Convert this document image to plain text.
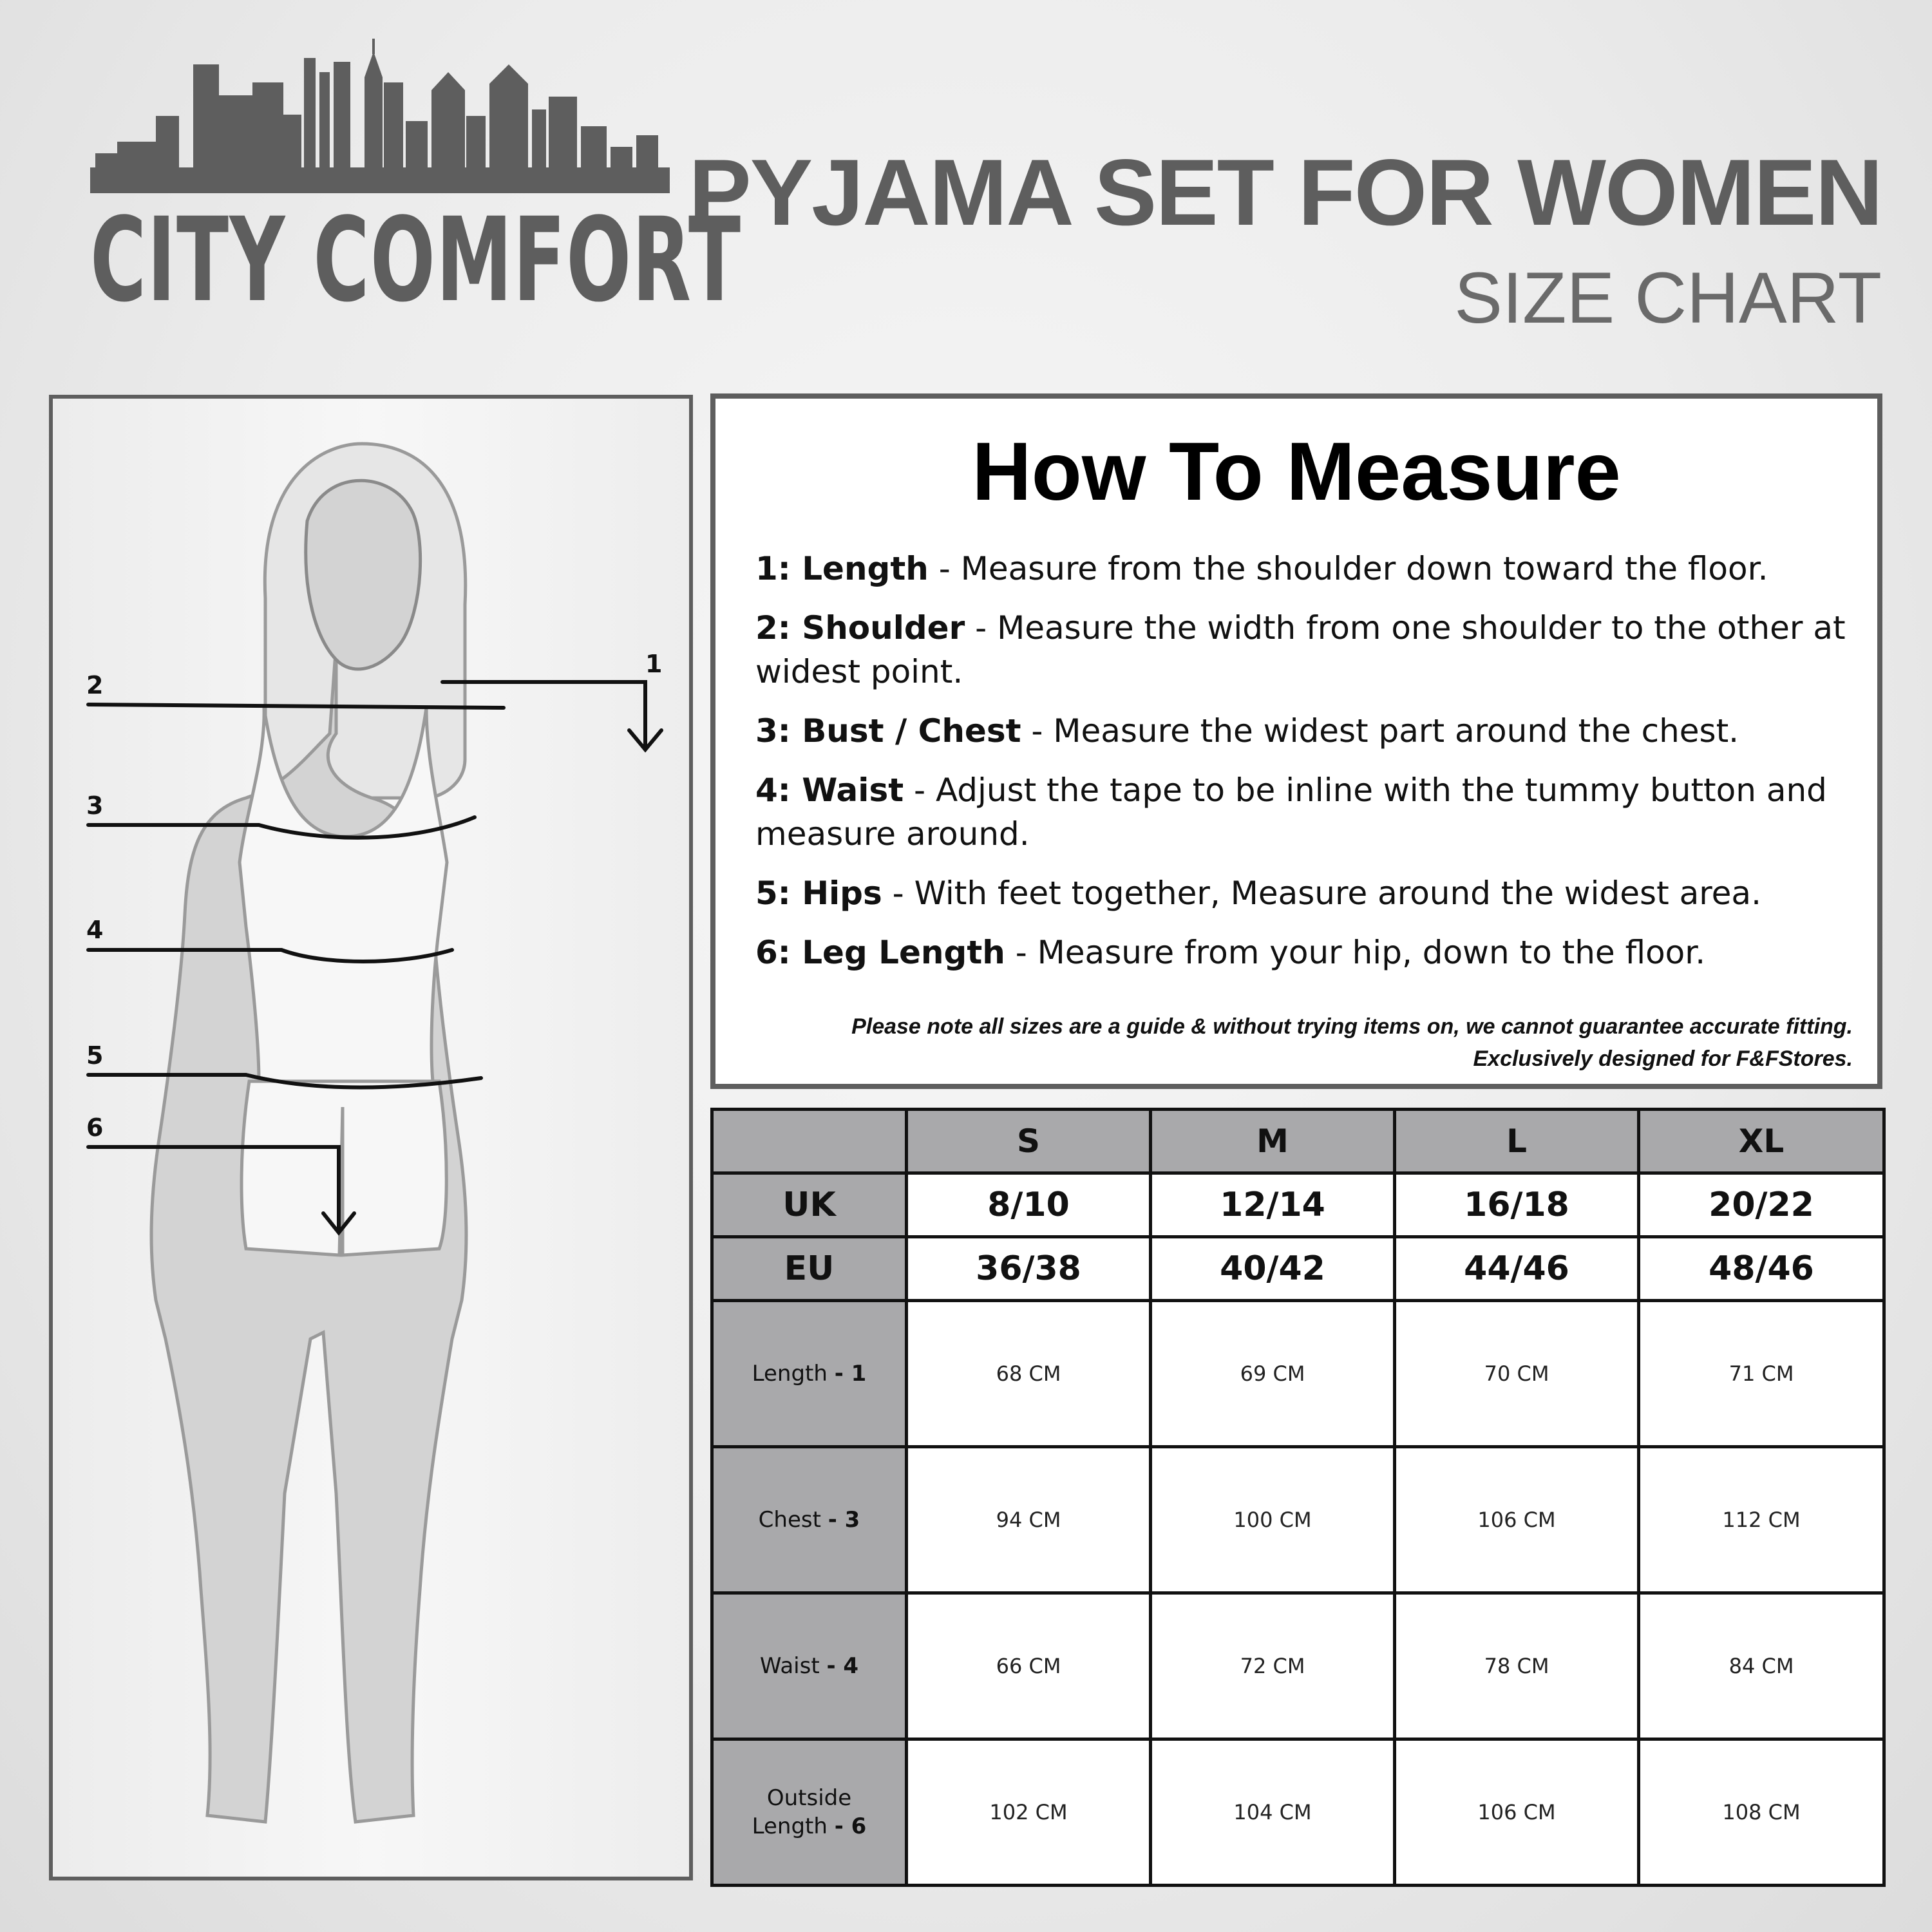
CITY COMFORT
PYJAMA SET FOR WOMEN
SIZE CHART
1
2
3
4
5
6
How To Measure
1: Length - Measure from the shoulder down toward the floor.
2: Shoulder - Measure the width from one shoulder to the other at widest point.
3: Bust / Chest - Measure the widest part around the chest.
4: Waist - Adjust the tape to be inline with the tummy button and measure around.
5: Hips - With feet together, Measure around the widest area.
6: Leg Length - Measure from your hip, down to the floor.
Please note all sizes are a guide & without trying items on, we cannot guarantee accurate fitting.
Exclusively designed for F&FStores.
	S	M	L	XL
UK	8/10	12/14	16/18	20/22
EU	36/38	40/42	44/46	48/46
Length - 1	68 CM	69 CM	70 CM	71 CM
Chest - 3	94 CM	100 CM	106 CM	112 CM
Waist - 4	66 CM	72 CM	78 CM	84 CM
Outside
Length - 6	102 CM	104 CM	106 CM	108 CM
